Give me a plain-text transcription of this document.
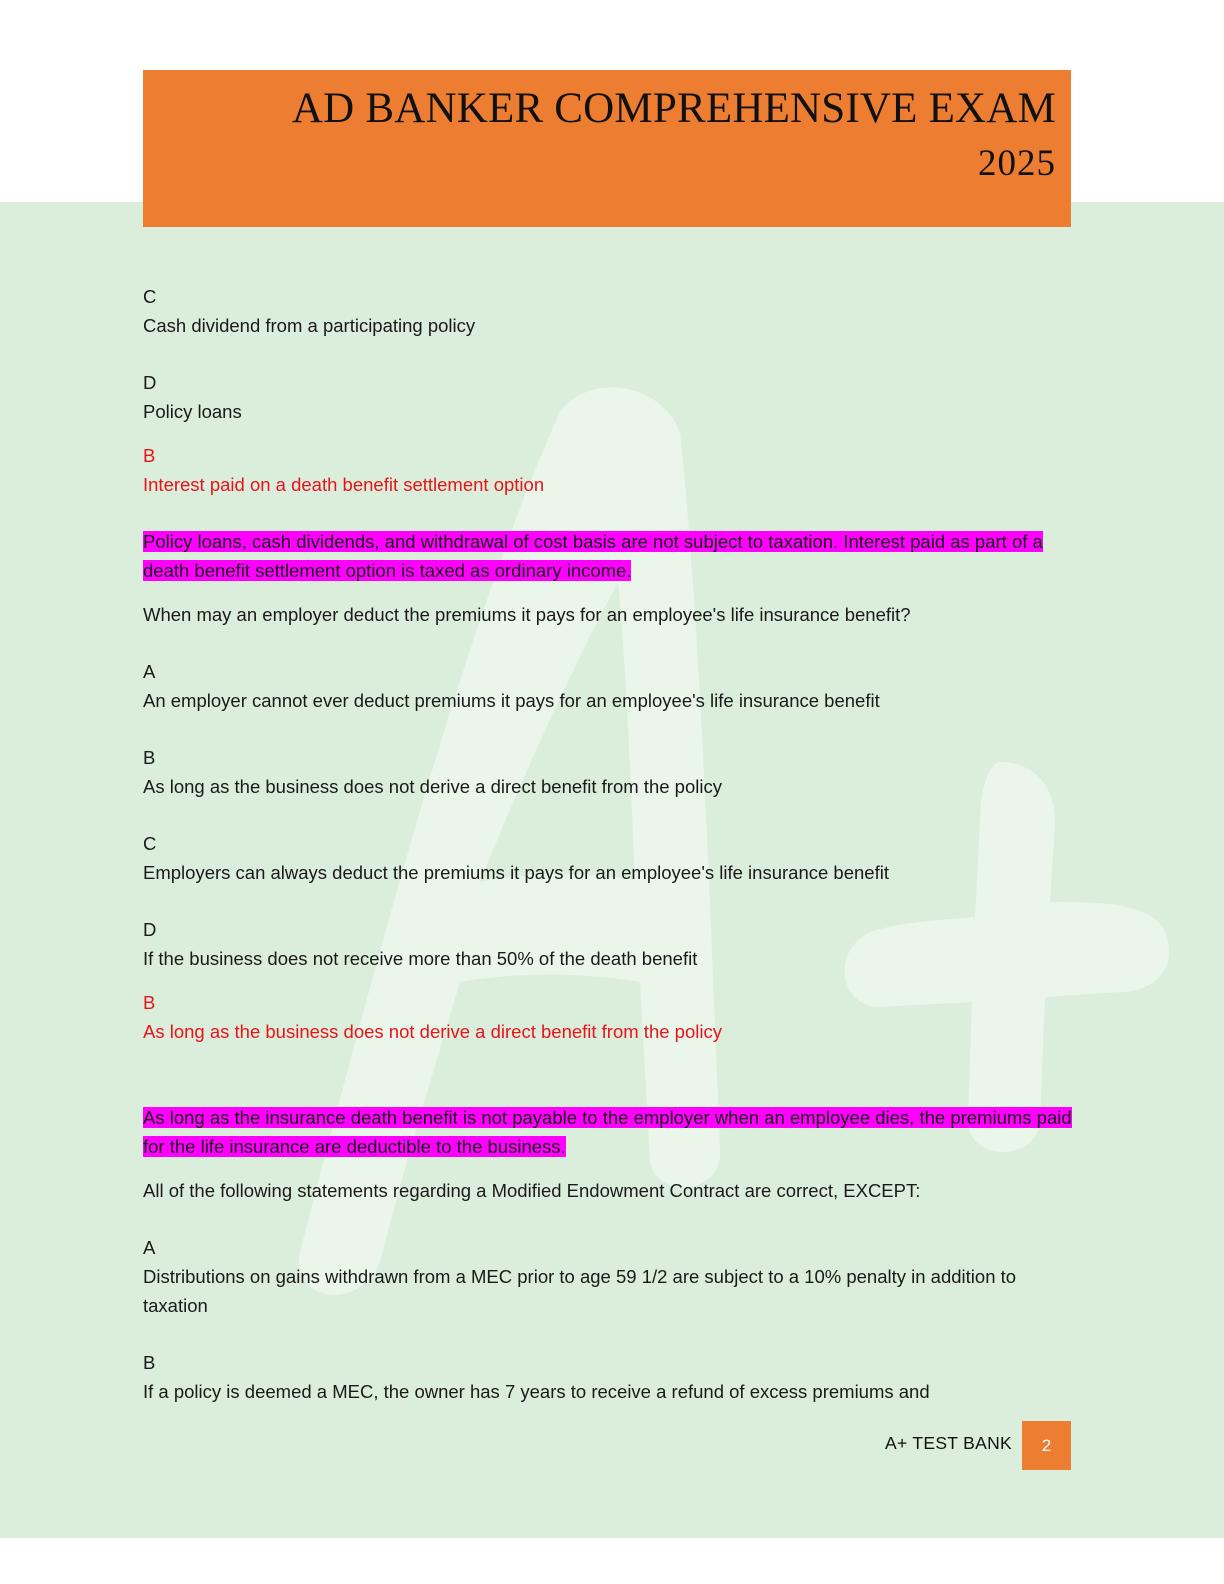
AD BANKER COMPREHENSIVE EXAM
2025

C

Cash dividend from a participating policy

D

Policy loans

B

Interest paid on a death benefit settlement option

Policy loans, cash dividends, and withdrawal of cost basis are not subject to taxation. Interest paid as part of a death benefit settlement option is taxed as ordinary income.

When may an employer deduct the premiums it pays for an employee's life insurance benefit?

A

An employer cannot ever deduct premiums it pays for an employee's life insurance benefit

B

As long as the business does not derive a direct benefit from the policy

C

Employers can always deduct the premiums it pays for an employee's life insurance benefit

D

If the business does not receive more than 50% of the death benefit

B

As long as the business does not derive a direct benefit from the policy

As long as the insurance death benefit is not payable to the employer when an employee dies, the premiums paid for the life insurance are deductible to the business.

All of the following statements regarding a Modified Endowment Contract are correct, EXCEPT:

A

Distributions on gains withdrawn from a MEC prior to age 59 1/2 are subject to a 10% penalty in addition to taxation

B

If a policy is deemed a MEC, the owner has 7 years to receive a refund of excess premiums and

A+ TEST BANK	2
